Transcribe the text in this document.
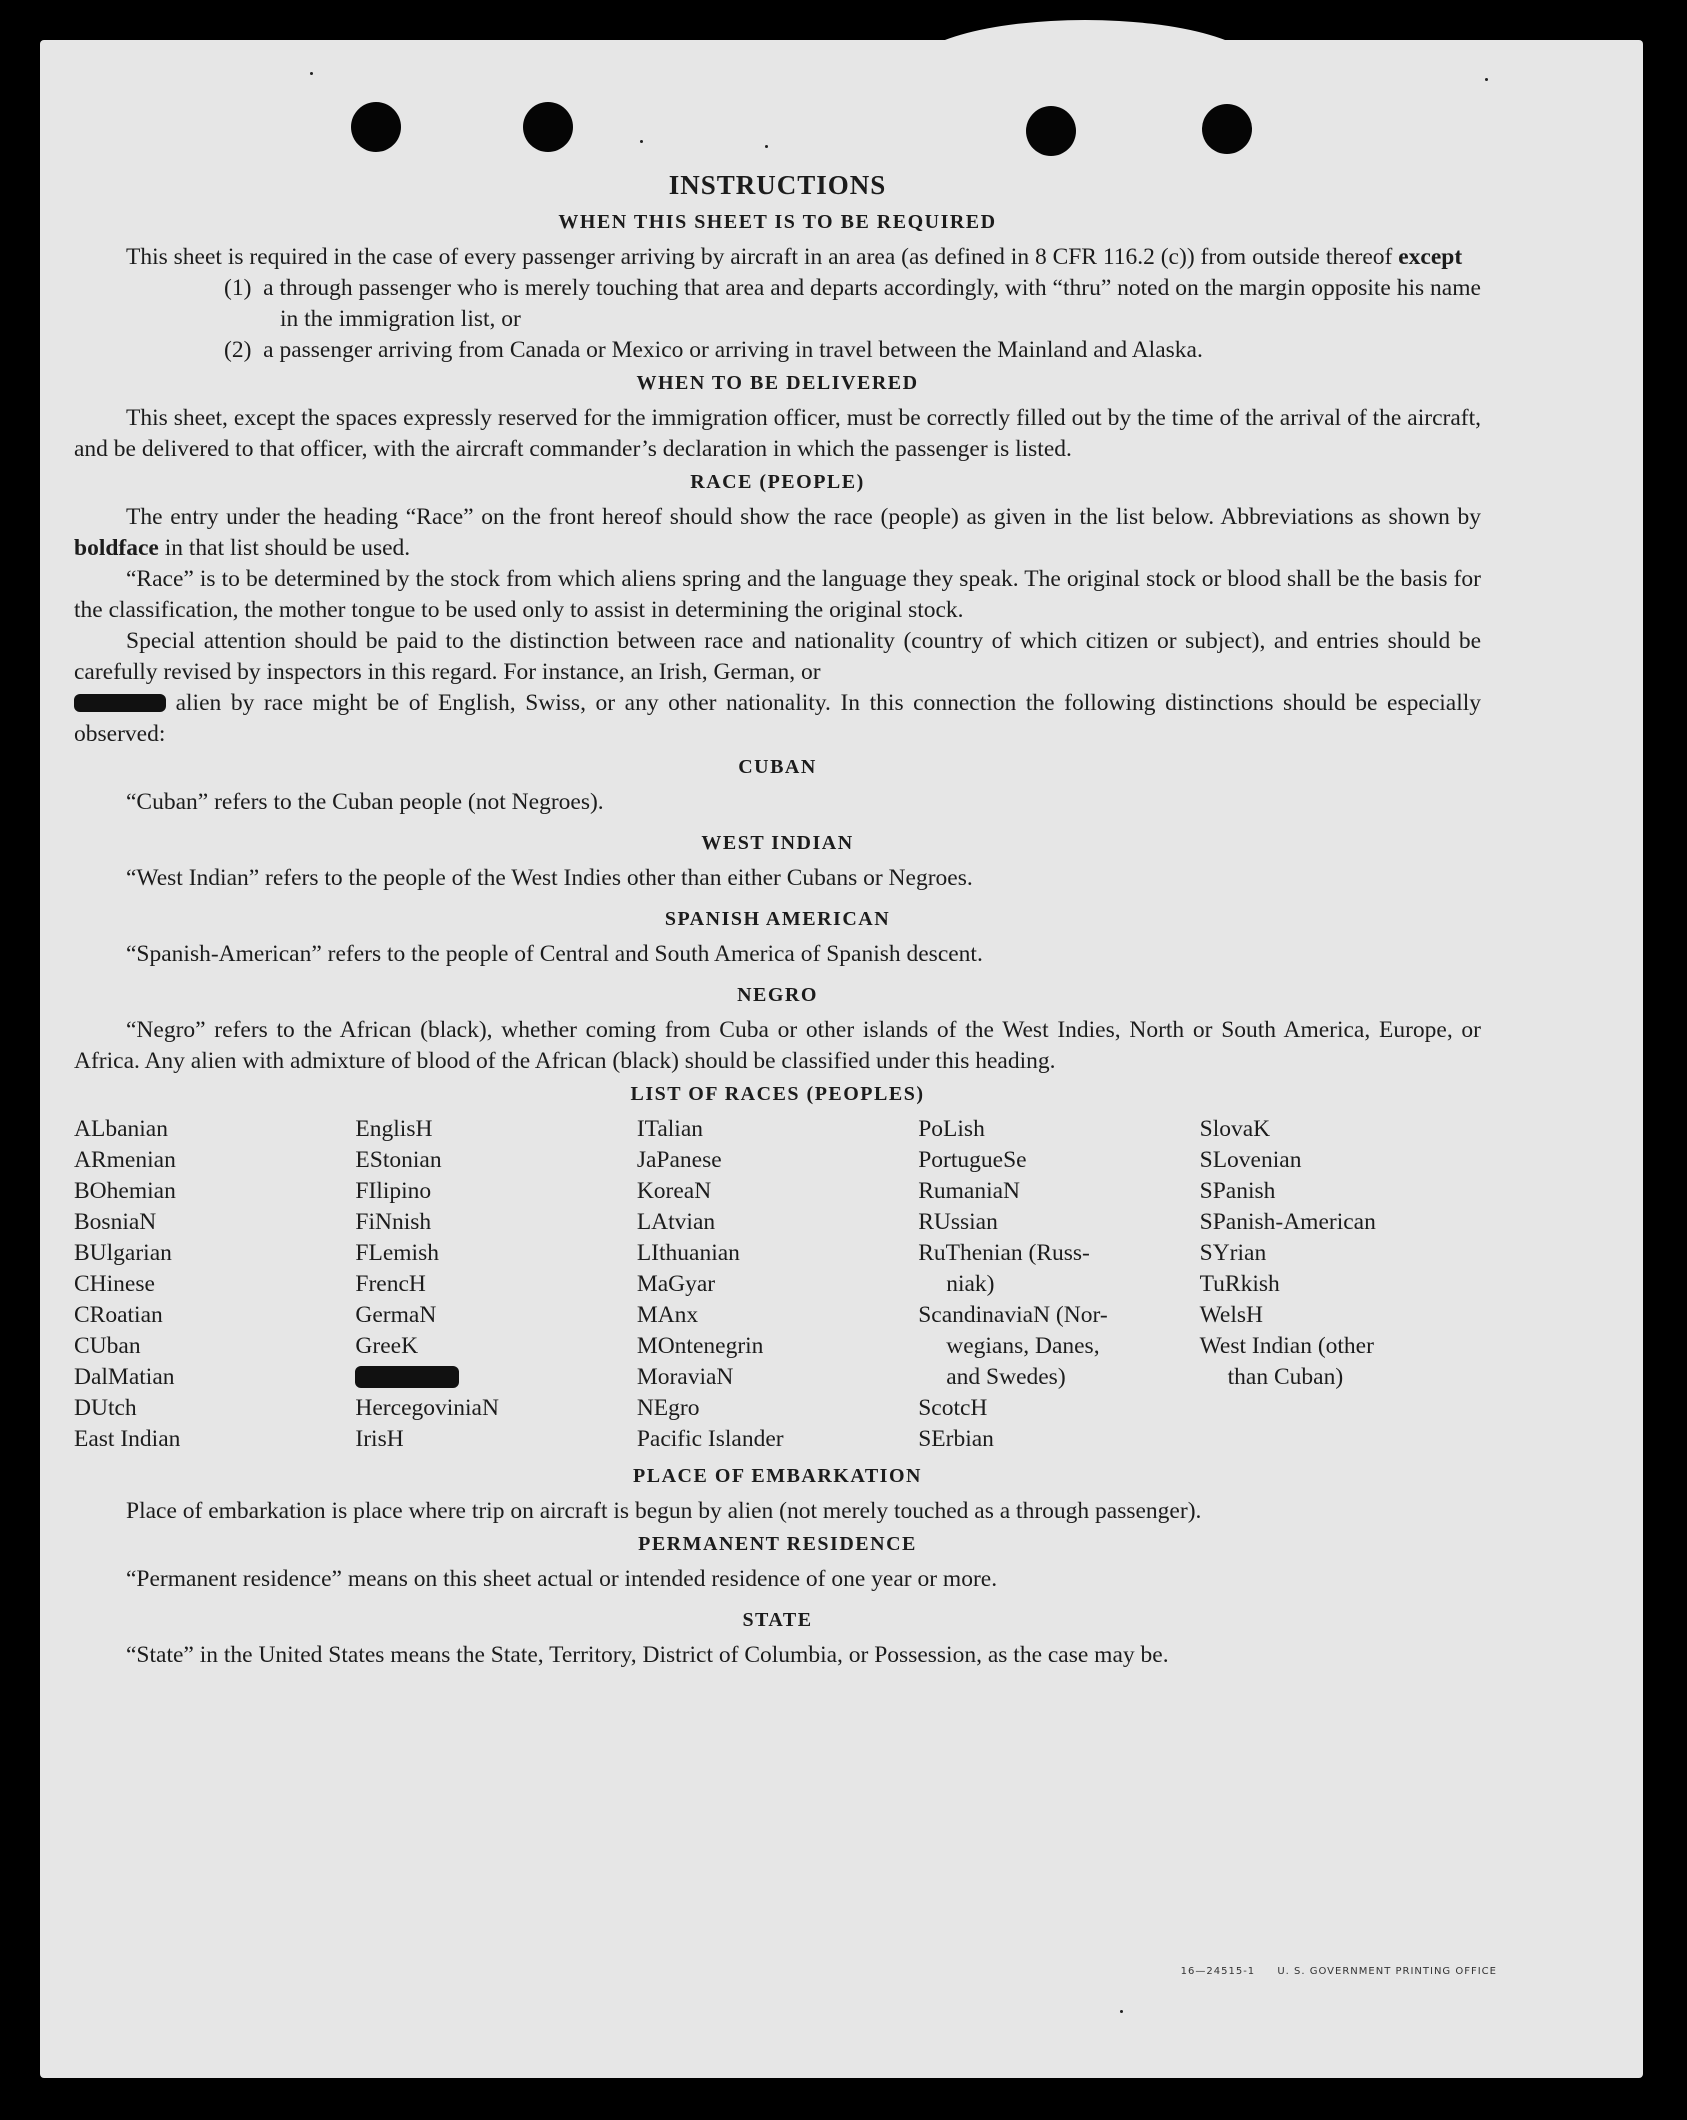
INSTRUCTIONS
WHEN THIS SHEET IS TO BE REQUIRED

This sheet is required in the case of every passenger arriving by aircraft in an area (as defined in 8 CFR 116.2 (c)) from outside thereof except

(1) a through passenger who is merely touching that area and departs accordingly, with “thru” noted on the margin opposite his name in the immigration list, or

(2) a passenger arriving from Canada or Mexico or arriving in travel between the Mainland and Alaska.

WHEN TO BE DELIVERED

This sheet, except the spaces expressly reserved for the immigration officer, must be correctly filled out by the time of the arrival of the aircraft, and be delivered to that officer, with the aircraft commander’s declaration in which the passenger is listed.

RACE (PEOPLE)

The entry under the heading “Race” on the front hereof should show the race (people) as given in the list below. Abbreviations as shown by boldface in that list should be used.

“Race” is to be determined by the stock from which aliens spring and the language they speak. The original stock or blood shall be the basis for the classification, the mother tongue to be used only to assist in determining the original stock.

Special attention should be paid to the distinction between race and nationality (country of which citizen or subject), and entries should be carefully revised by inspectors in this regard. For instance, an Irish, German, or
alien by race might be of English, Swiss, or any other nationality. In this connection the following distinctions should be especially observed:

CUBAN

“Cuban” refers to the Cuban people (not Negroes).

WEST INDIAN

“West Indian” refers to the people of the West Indies other than either Cubans or Negroes.

SPANISH AMERICAN

“Spanish-American” refers to the people of Central and South America of Spanish descent.

NEGRO

“Negro” refers to the African (black), whether coming from Cuba or other islands of the West Indies, North or South America, Europe, or Africa. Any alien with admixture of blood of the African (black) should be classified under this heading.

LIST OF RACES (PEOPLES)
ALbanian
ARmenian
BOhemian
BosniaN
BUlgarian
CHinese
CRoatian
CUban
DalMatian
DUtch
East Indian
EnglisH
EStonian
FIlipino
FiNnish
FLemish
FrencH
GermaN
GreeK
HercegoviniaN
IrisH
ITalian
JaPanese
KoreaN
LAtvian
LIthuanian
MaGyar
MAnx
MOntenegrin
MoraviaN
NEgro
Pacific Islander
PoLish
PortugueSe
RumaniaN
RUssian
RuThenian (Russ-
niak)
ScandinaviaN (Nor-
wegians, Danes,
and Swedes)
ScotcH
SErbian
SlovaK
SLovenian
SPanish
SPanish-American
SYrian
TuRkish
WelsH
West Indian (other
than Cuban)
PLACE OF EMBARKATION

Place of embarkation is place where trip on aircraft is begun by alien (not merely touched as a through passenger).

PERMANENT RESIDENCE

“Permanent residence” means on this sheet actual or intended residence of one year or more.

STATE

“State” in the United States means the State, Territory, District of Columbia, or Possession, as the case may be.

16—24515-1 U. S. GOVERNMENT PRINTING OFFICE
